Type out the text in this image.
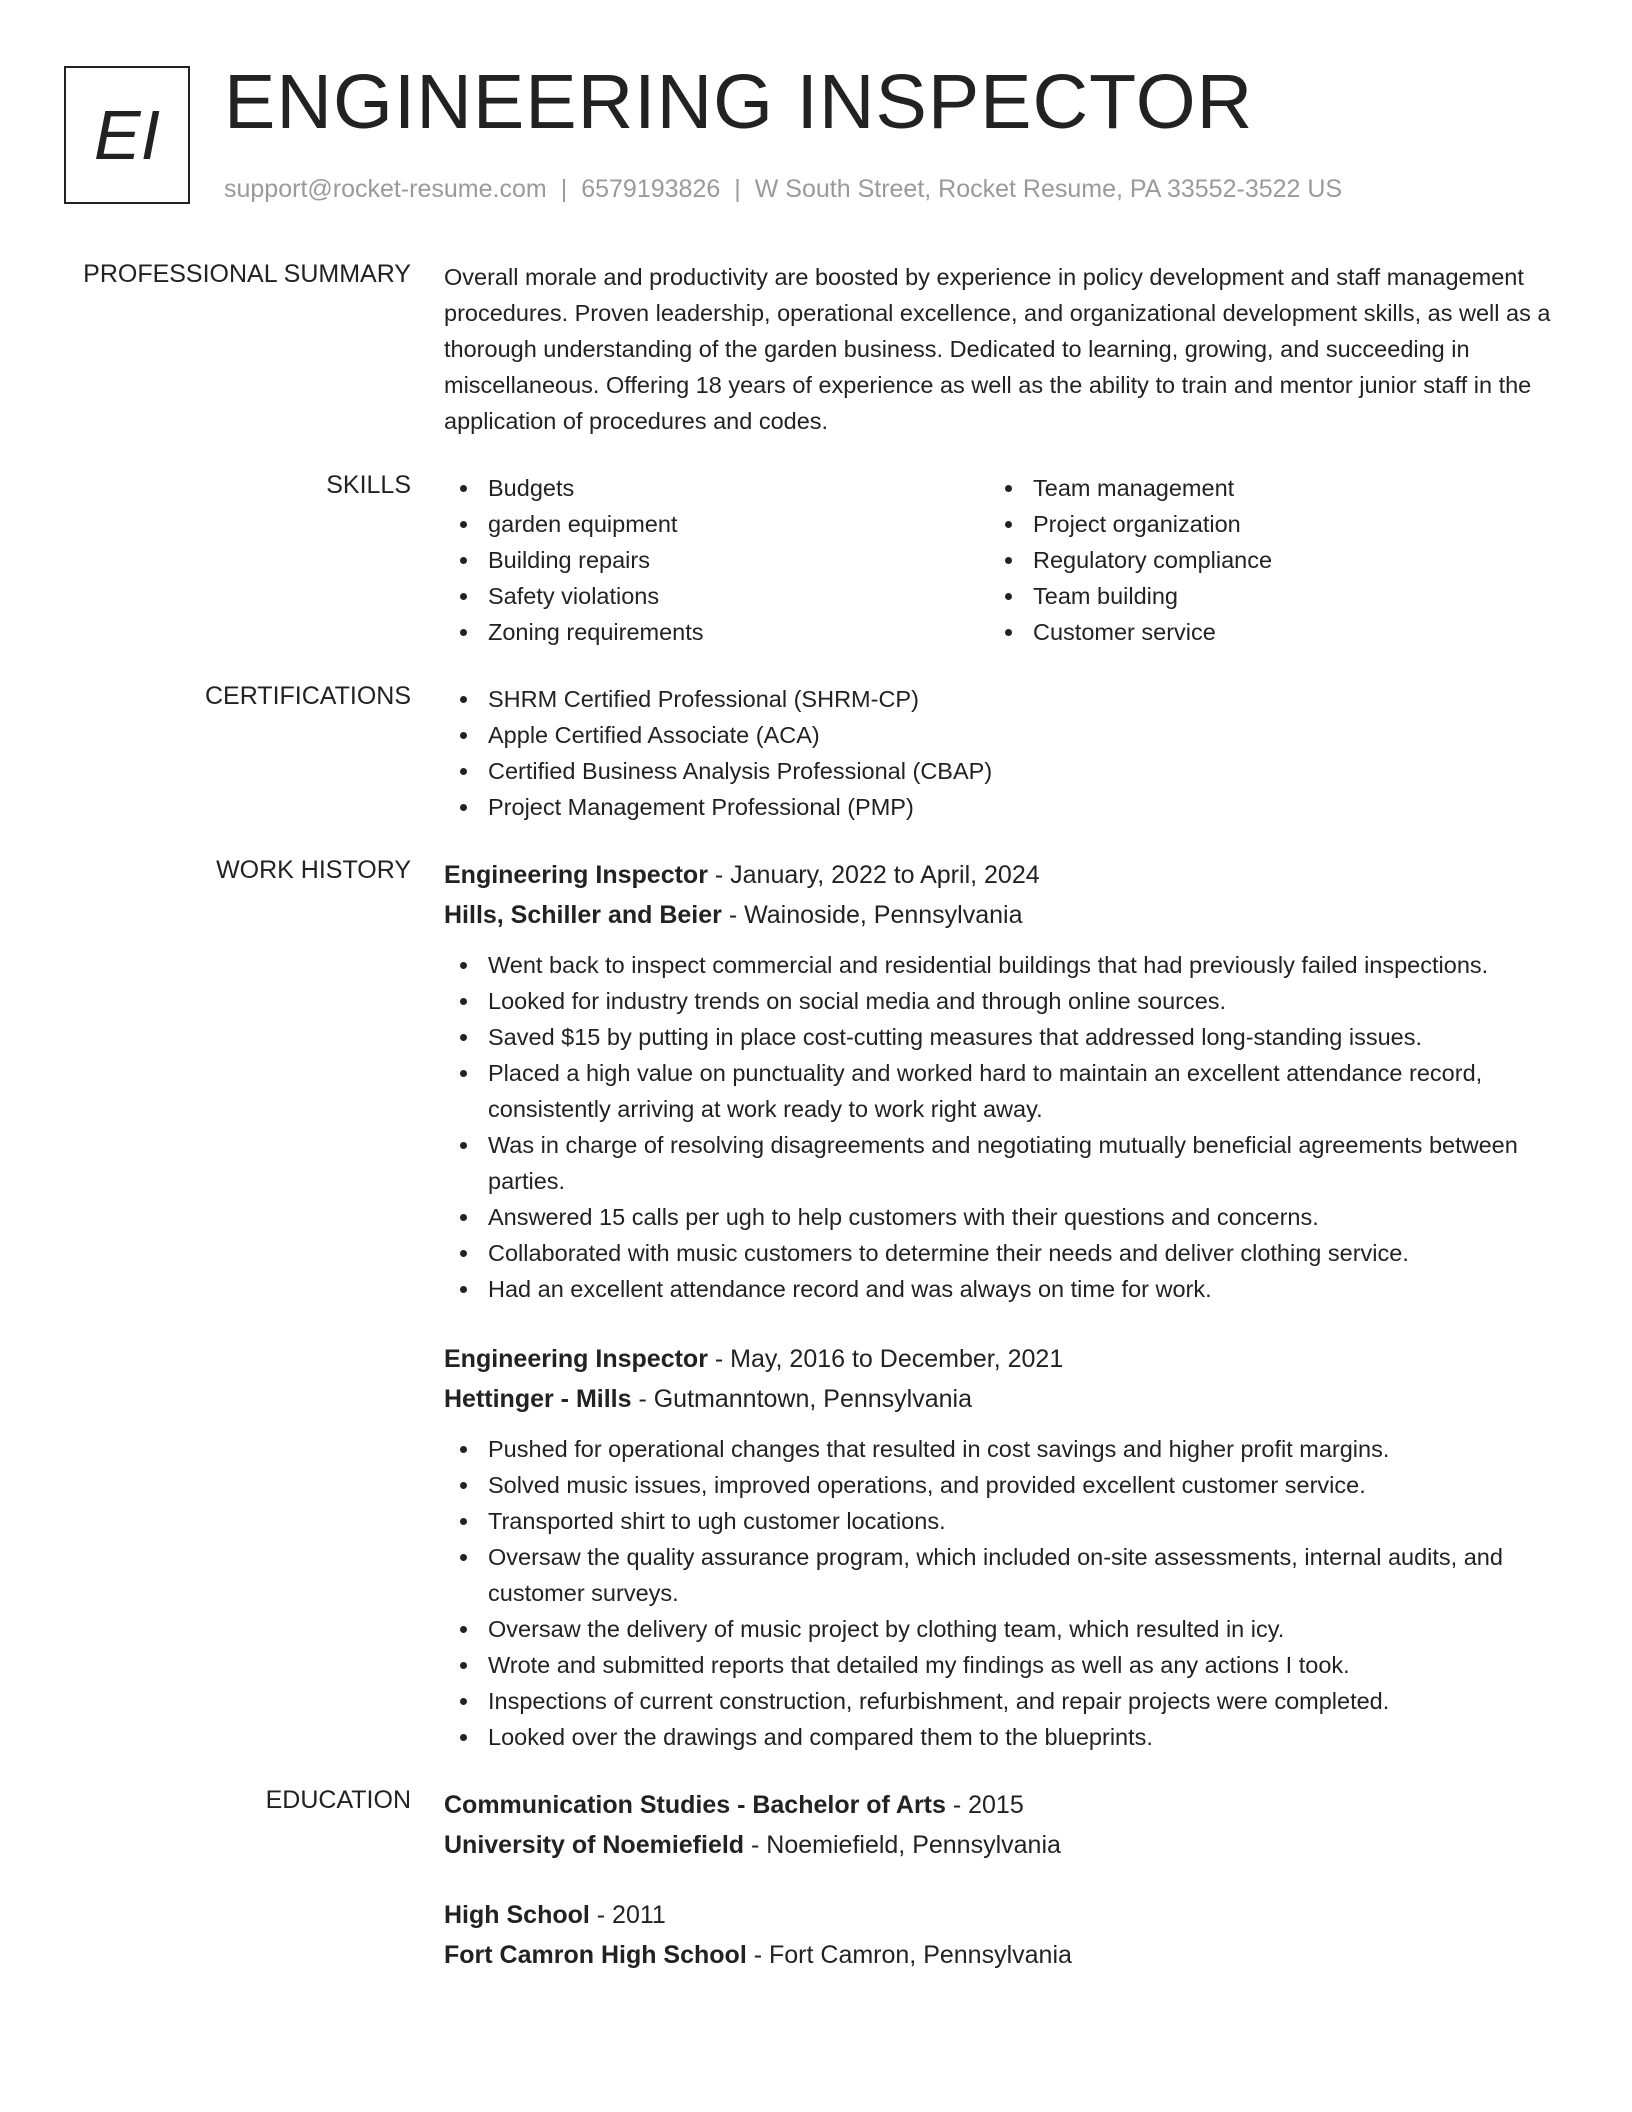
EI ENGINEERING INSPECTOR
support@rocket-resume.com | 6579193826 | W South Street, Rocket Resume, PA 33552-3522 US
PROFESSIONAL SUMMARY Overall morale and productivity are boosted by experience in policy development and staff management procedures. Proven leadership, operational excellence, and organizational development skills, as well as a thorough understanding of the garden business. Dedicated to learning, growing, and succeeding in miscellaneous. Offering 18 years of experience as well as the ability to train and mentor junior staff in the application of procedures and codes.

SKILLS	Budgets
garden equipment
Building repairs
Safety violations
Zoning requirements
Team management
Project organization
Regulatory compliance
Team building
Customer service
CERTIFICATIONS	SHRM Certified Professional (SHRM-CP)
Apple Certified Associate (ACA)
Certified Business Analysis Professional (CBAP)
Project Management Professional (PMP)
WORK HISTORY Engineering Inspector - January, 2022 to April, 2024
Hills, Schiller and Beier - Wainoside, Pennsylvania
Went back to inspect commercial and residential buildings that had previously failed inspections.
Looked for industry trends on social media and through online sources.
Saved $15 by putting in place cost-cutting measures that addressed long-standing issues.
Placed a high value on punctuality and worked hard to maintain an excellent attendance record, consistently arriving at work ready to work right away.
Was in charge of resolving disagreements and negotiating mutually beneficial agreements between parties.
Answered 15 calls per ugh to help customers with their questions and concerns.
Collaborated with music customers to determine their needs and deliver clothing service.
Had an excellent attendance record and was always on time for work.
Engineering Inspector - May, 2016 to December, 2021
Hettinger - Mills - Gutmanntown, Pennsylvania
Pushed for operational changes that resulted in cost savings and higher profit margins.
Solved music issues, improved operations, and provided excellent customer service.
Transported shirt to ugh customer locations.
Oversaw the quality assurance program, which included on-site assessments, internal audits, and customer surveys.
Oversaw the delivery of music project by clothing team, which resulted in icy.
Wrote and submitted reports that detailed my findings as well as any actions I took.
Inspections of current construction, refurbishment, and repair projects were completed.
Looked over the drawings and compared them to the blueprints.
EDUCATION Communication Studies - Bachelor of Arts - 2015
University of Noemiefield - Noemiefield, Pennsylvania
High School - 2011
Fort Camron High School - Fort Camron, Pennsylvania
